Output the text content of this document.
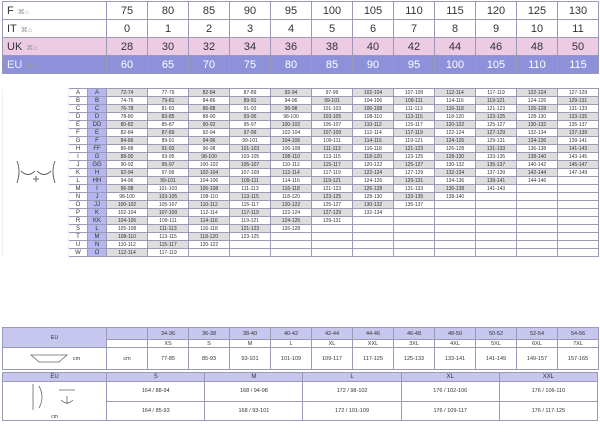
F ⌘ ⌂	75	80	85	90	95	100	105	110	115	120	125	130
IT ⌘ ⌂	0	1	2	3	4	5	6	7	8	9	10	11
UK ⌘ ⌂	28	30	32	34	36	38	40	42	44	46	48	50
EU ⌘ ⌂	60	65	70	75	80	85	90	95	100	105	110	115
	A	A	72-74	77-79	82-84	87-89	92-94	97-99	102-104	107-109	112-114	117-119	122-124	127-129
	B	B	74-76	79-81	84-86	89-91	94-96	99-101	104-106	109-111	114-116	119-121	124-126	129-131
	C	C	76-78	81-83	86-88	91-93	96-98	101-103	106-108	111-113	116-118	121-123	126-128	131-133
	D	D	78-80	83-85	88-90	93-95	98-100	103-105	108-110	113-115	118-120	123-125	128-130	133-135
	E	DD	80-82	85-87	90-92	95-97	100-102	105-107	110-112	115-117	120-122	125-127	130-132	135-137
	F	E	82-84	87-89	92-94	97-99	102-104	107-109	112-114	117-119	122-124	127-129	132-134	137-139
	G	F	84-86	89-91	94-96	99-101	104-106	109-111	114-116	119-121	124-126	129-131	134-136	139-141
	H	FF	86-88	91-93	96-98	101-103	106-108	111-113	116-118	121-123	126-128	131-133	136-138	141-143
	I	G	88-90	93-95	98-100	103-105	108-110	113-115	118-120	123-125	128-130	133-135	138-140	143-145
	J	GG	90-92	95-97	100-102	105-107	110-112	115-117	120-122	125-127	130-132	135-137	140-142	145-147
	K	H	92-94	97-99	102-104	107-109	112-114	117-119	122-124	127-129	132-134	137-139	142-144	147-149
	L	HH	94-96	99-101	104-106	109-111	114-116	119-121	124-126	129-131	134-136	139-141	144-146	
	M	I	96-98	101-103	106-108	111-113	116-118	121-123	126-128	131-133	136-138	141-143		
	N	J	98-100	103-105	108-110	113-115	118-120	123-125	128-130	133-135	138-140			
	O	JJ	100-102	105-107	110-112	115-117	120-122	125-127	130-132	135-137				
	P	K	102-104	107-109	112-114	117-119	122-124	127-129	132-134					
	R	KK	104-106	109-111	114-116	119-121	124-126	129-131						
	S	L	105-108	111-113	116-118	121-123	126-128							
	T	M	108-110	113-115	118-120	123-125								
	U	N	110-112	115-117	120-122									
	W	O	112-114	117-119										
EU		34-36	36-38	38-40	40-42	42-44	44-46	46-48	48-50	50-52	52-54	54-56
		XS	S	M	L	XL	XXL	3XL	4XL	5XL	6XL	7XL
cm	cm	77-85	85-93	93-101	101-109	109-117	117-125	125-133	133-141	141-149	149-157	157-165
EU	S	M	L	XL	XXL

cm	164 / 88-94	168 / 94-98	172 / 98-102	176 / 102-106	176 / 106-110
	164 / 85-93	168 / 93-101	172 / 101-109	176 / 109-117	176 / 117-125
